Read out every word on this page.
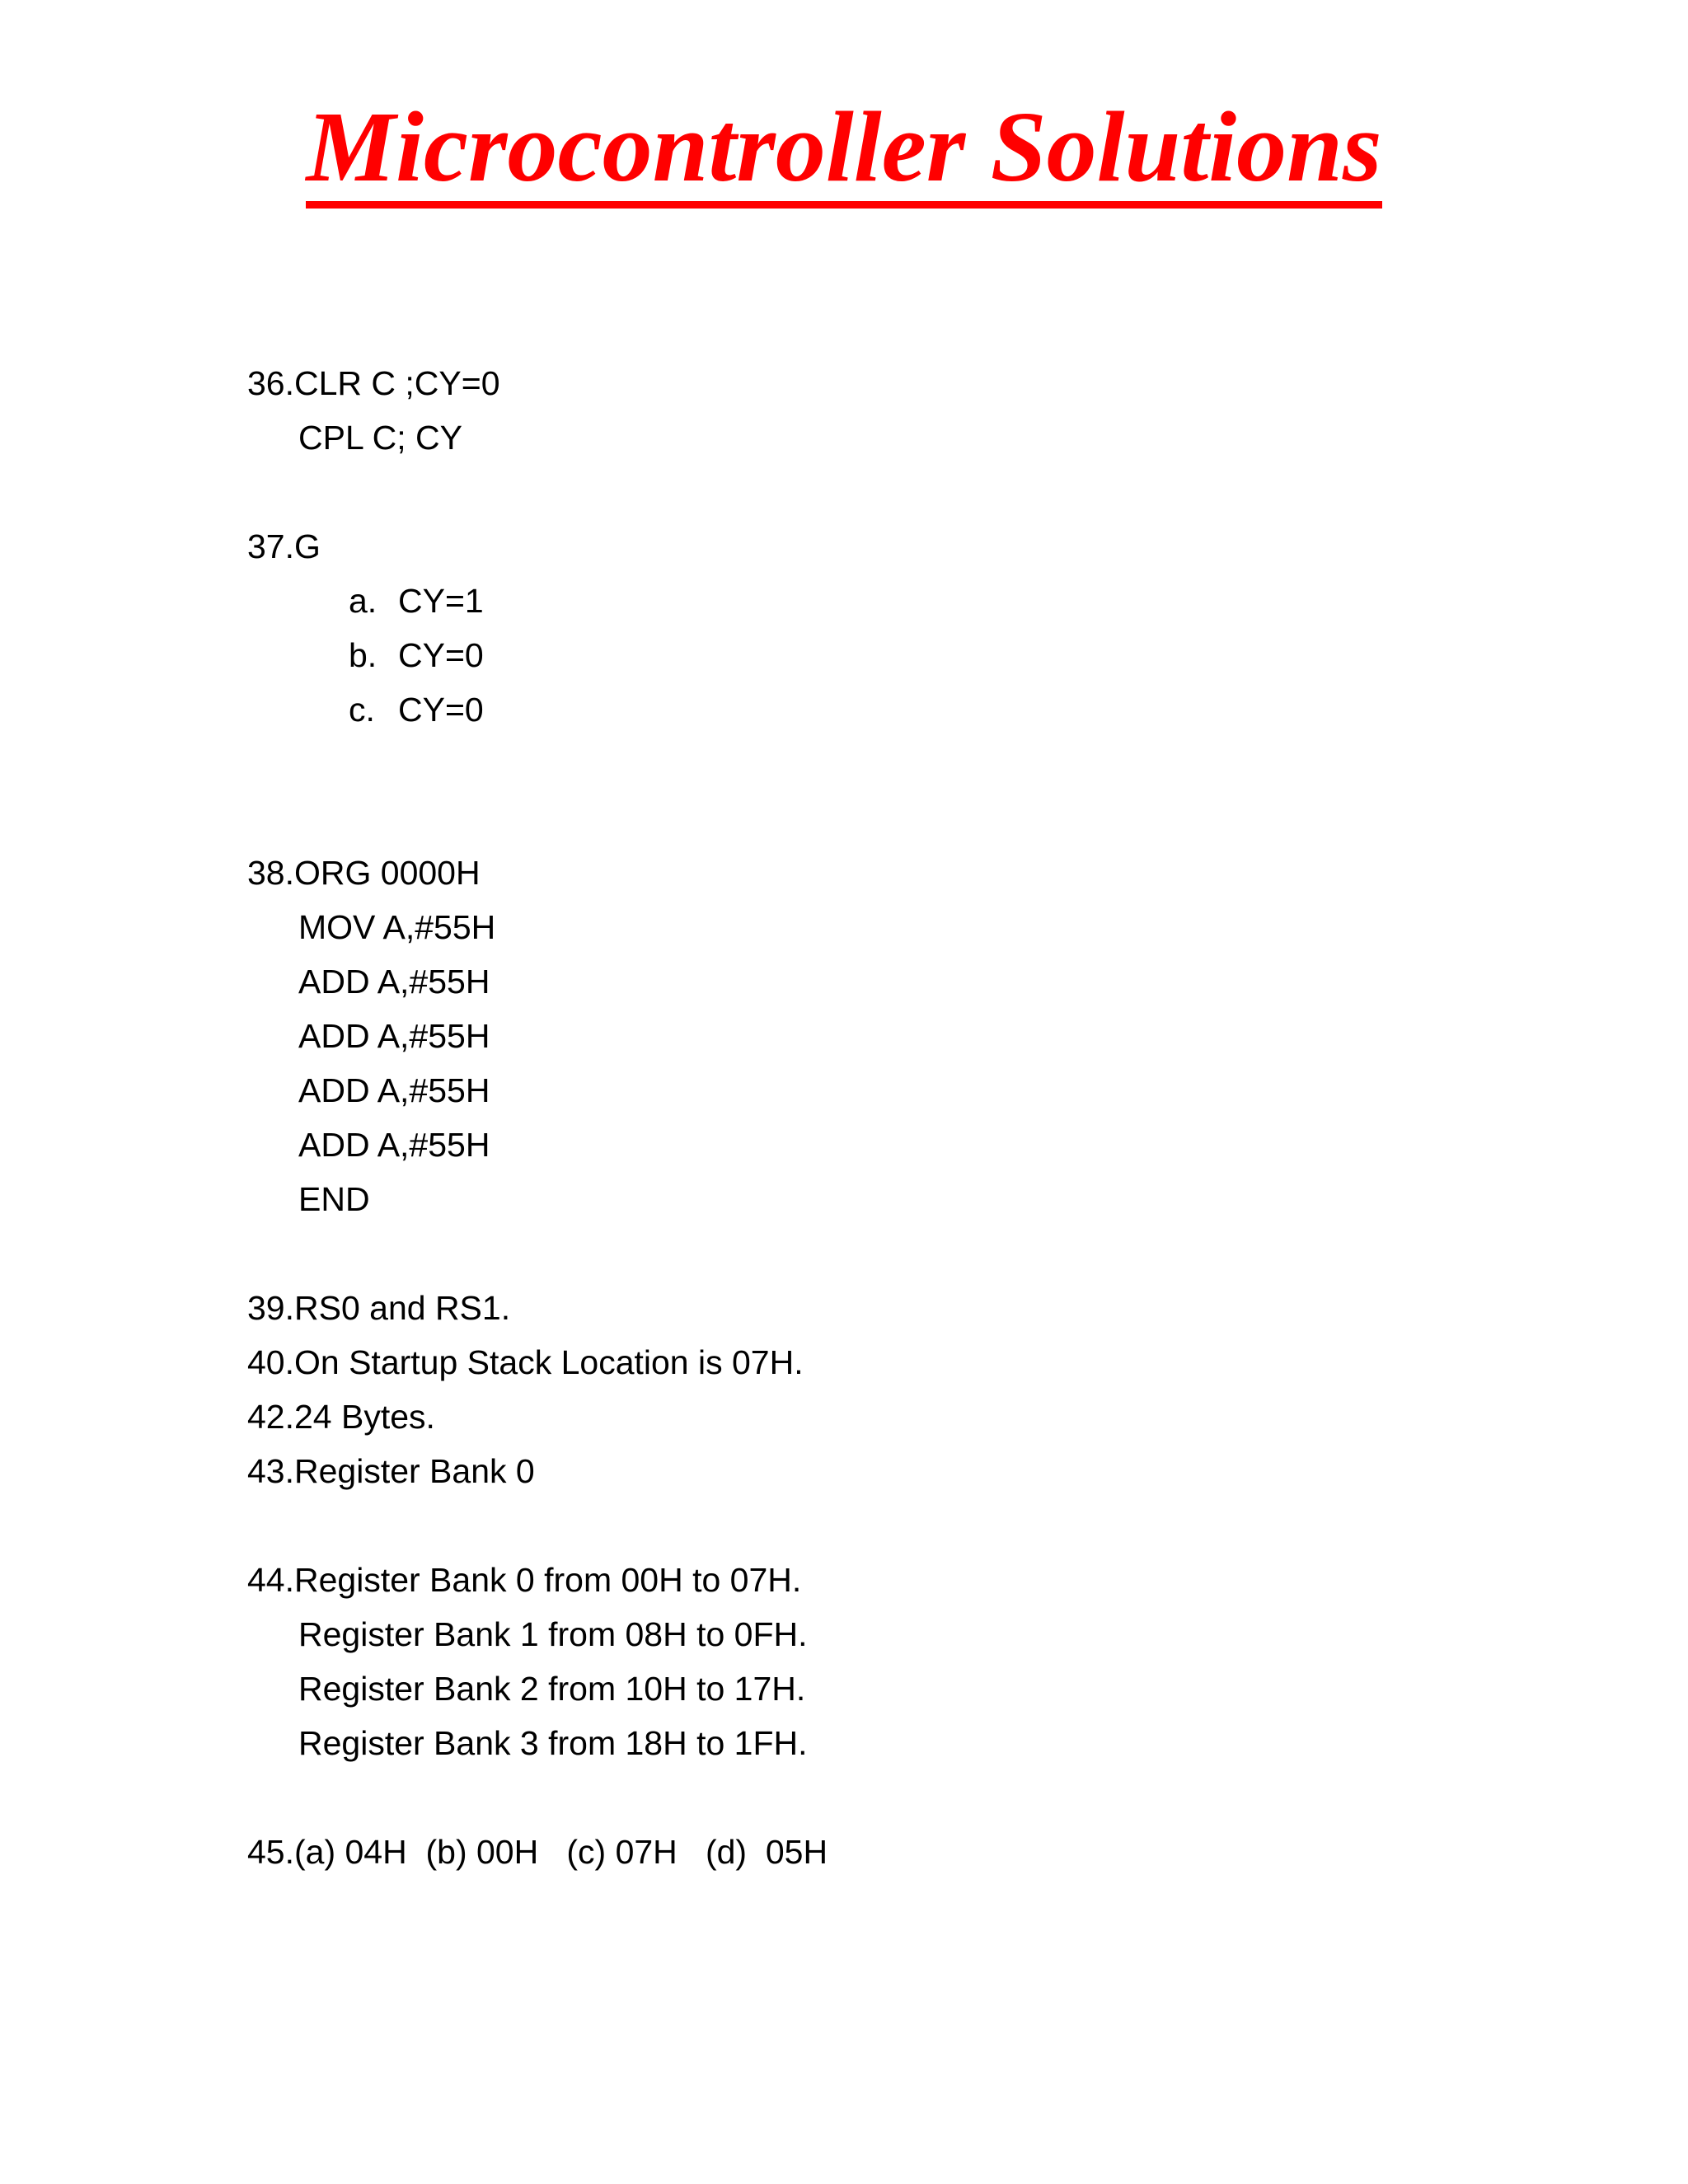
Microcontroller Solutions
36.CLR C ;CY=0
CPL C; CY
37.G
a. CY=1
b. CY=0
c. CY=0
38.ORG 0000H
MOV A,#55H
ADD A,#55H
ADD A,#55H
ADD A,#55H
ADD A,#55H
END
39.RS0 and RS1.
40.On Startup Stack Location is 07H.
42.24 Bytes.
43.Register Bank 0
44.Register Bank 0 from 00H to 07H.
Register Bank 1 from 08H to 0FH.
Register Bank 2 from 10H to 17H.
Register Bank 3 from 18H to 1FH.
45.(a) 04H  (b) 00H   (c) 07H   (d)  05H
